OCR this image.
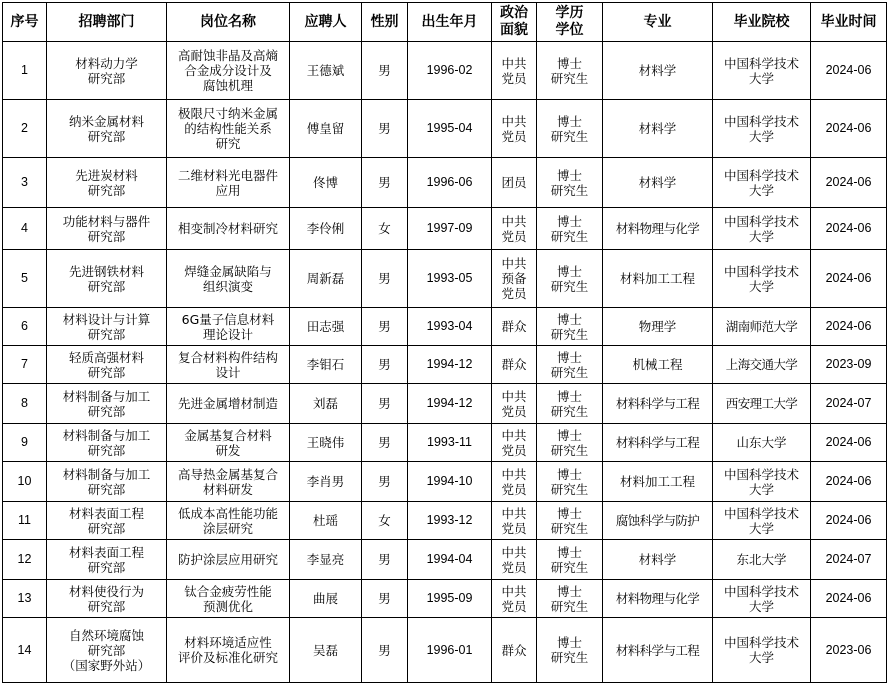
序号	招聘部门	岗位名称	应聘人	性别	出生年月	政治
面貌	学历
学位	专业	毕业院校	毕业时间
1	材料动力学
研究部	高耐蚀非晶及高熵
合金成分设计及
腐蚀机理	王德斌	男	1996-02	中共
党员	博士
研究生	材料学	中国科学技术
大学	2024-06
2	纳米金属材料
研究部	极限尺寸纳米金属
的结构性能关系
研究	傅皇留	男	1995-04	中共
党员	博士
研究生	材料学	中国科学技术
大学	2024-06
3	先进炭材料
研究部	二维材料光电器件
应用	佟博	男	1996-06	团员	博士
研究生	材料学	中国科学技术
大学	2024-06
4	功能材料与器件
研究部	相变制冷材料研究	李伶俐	女	1997-09	中共
党员	博士
研究生	材料物理与化学	中国科学技术
大学	2024-06
5	先进钢铁材料
研究部	焊缝金属缺陷与
组织演变	周新磊	男	1993-05	中共
预备
党员	博士
研究生	材料加工工程	中国科学技术
大学	2024-06
6	材料设计与计算
研究部	6G量子信息材料
理论设计	田志强	男	1993-04	群众	博士
研究生	物理学	湖南师范大学	2024-06
7	轻质高强材料
研究部	复合材料构件结构
设计	李钼石	男	1994-12	群众	博士
研究生	机械工程	上海交通大学	2023-09
8	材料制备与加工
研究部	先进金属增材制造	刘磊	男	1994-12	中共
党员	博士
研究生	材料科学与工程	西安理工大学	2024-07
9	材料制备与加工
研究部	金属基复合材料
研发	王晓伟	男	1993-11	中共
党员	博士
研究生	材料科学与工程	山东大学	2024-06
10	材料制备与加工
研究部	高导热金属基复合
材料研发	李肖男	男	1994-10	中共
党员	博士
研究生	材料加工工程	中国科学技术
大学	2024-06
11	材料表面工程
研究部	低成本高性能功能
涂层研究	杜瑶	女	1993-12	中共
党员	博士
研究生	腐蚀科学与防护	中国科学技术
大学	2024-06
12	材料表面工程
研究部	防护涂层应用研究	李显亮	男	1994-04	中共
党员	博士
研究生	材料学	东北大学	2024-07
13	材料使役行为
研究部	钛合金疲劳性能
预测优化	曲展	男	1995-09	中共
党员	博士
研究生	材料物理与化学	中国科学技术
大学	2024-06
14	自然环境腐蚀
研究部
（国家野外站）	材料环境适应性
评价及标准化研究	吴磊	男	1996-01	群众	博士
研究生	材料科学与工程	中国科学技术
大学	2023-06
